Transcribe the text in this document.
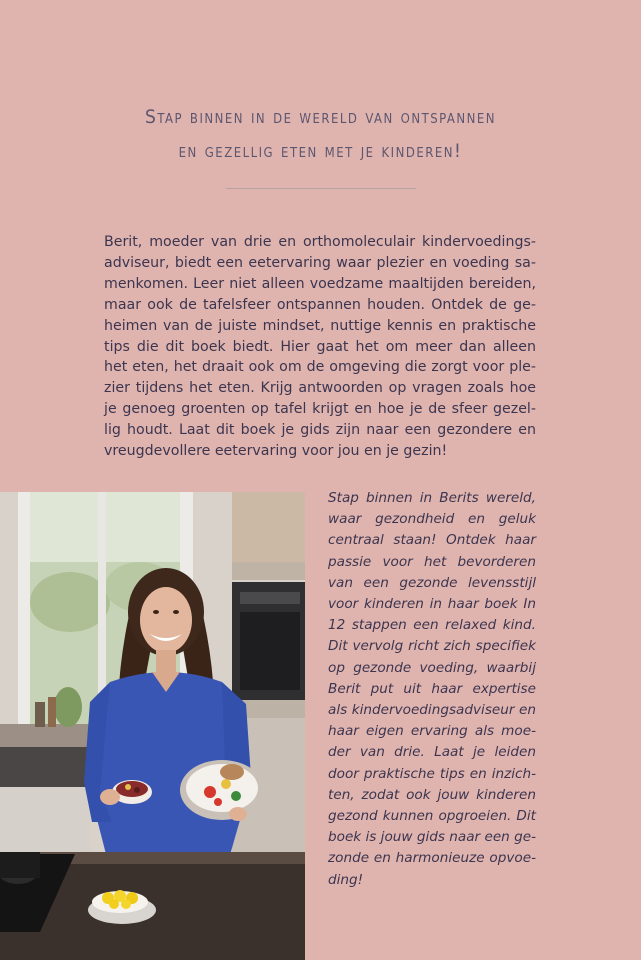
Stap binnen in de wereld van ontspannen
en gezellig eten met je kinderen!
Berit, moeder van drie en orthomoleculair kindervoedings-
adviseur, biedt een eetervaring waar plezier en voeding sa-
menkomen. Leer niet alleen voedzame maaltijden bereiden,
maar ook de tafelsfeer ontspannen houden. Ontdek de ge-
heimen van de juiste mindset, nuttige kennis en praktische
tips die dit boek biedt. Hier gaat het om meer dan alleen
het eten, het draait ook om de omgeving die zorgt voor ple-
zier tijdens het eten. Krijg antwoorden op vragen zoals hoe
je genoeg groenten op tafel krijgt en hoe je de sfeer gezel-
lig houdt. Laat dit boek je gids zijn naar een gezondere en
vreugdevollere eetervaring voor jou en je gezin!
Stap binnen in Berits wereld,
waar gezondheid en geluk
centraal staan! Ontdek haar
passie voor het bevorderen
van een gezonde levensstijl
voor kinderen in haar boek In
12 stappen een relaxed kind.
Dit vervolg richt zich specifiek
op gezonde voeding, waarbij
Berit put uit haar expertise
als kindervoedingsadviseur en
haar eigen ervaring als moe-
der van drie. Laat je leiden
door praktische tips en inzich-
ten, zodat ook jouw kinderen
gezond kunnen opgroeien. Dit
boek is jouw gids naar een ge-
zonde en harmonieuze opvoe-
ding!
